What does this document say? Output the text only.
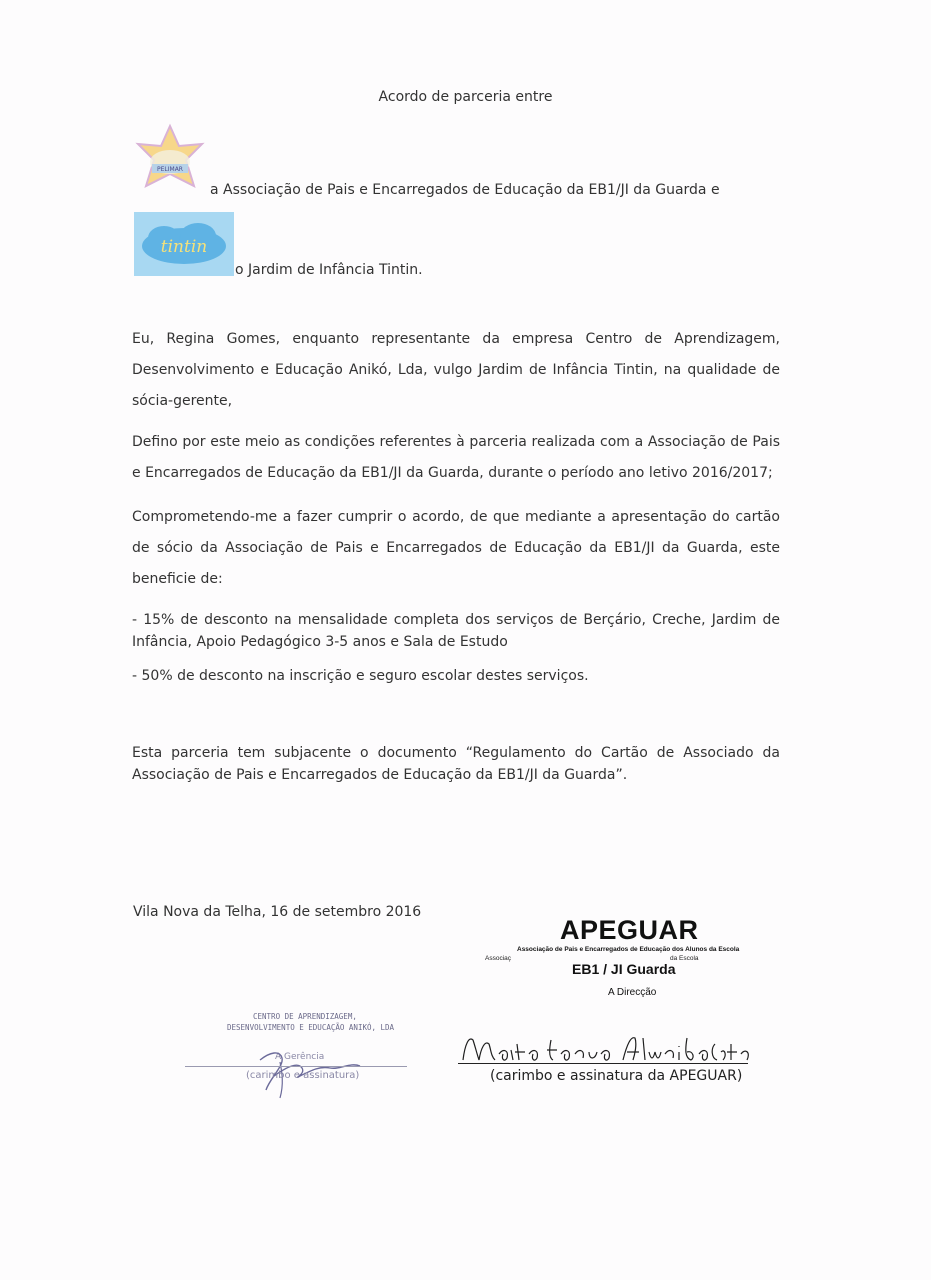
Acordo de parceria entre
PELIMAR
a Associação de Pais e Encarregados de Educação da EB1/JI da Guarda e
tintin
o Jardim de Infância Tintin.

Eu, Regina Gomes, enquanto representante da empresa Centro de Aprendizagem, Desenvolvimento e Educação Anikó, Lda, vulgo Jardim de Infância Tintin, na qualidade de sócia-gerente,

Defino por este meio as condições referentes à parceria realizada com a Associação de Pais e Encarregados de Educação da EB1/JI da Guarda, durante o período ano letivo 2016/2017;

Comprometendo-me a fazer cumprir o acordo, de que mediante a apresentação do cartão de sócio da Associação de Pais e Encarregados de Educação da EB1/JI da Guarda, este beneficie de:

- 15% de desconto na mensalidade completa dos serviços de Berçário, Creche, Jardim de Infância, Apoio Pedagógico 3-5 anos e Sala de Estudo

- 50% de desconto na inscrição e seguro escolar destes serviços.

Esta parceria tem subjacente o documento “Regulamento do Cartão de Associado da Associação de Pais e Encarregados de Educação da EB1/JI da Guarda”.

Vila Nova da Telha, 16 de setembro 2016
APEGUAR
Associação de Pais e Encarregados de Educação dos Alunos da Escola
Associaç	da Escola
EB1 / JI Guarda
A Direcção
CENTRO DE APRENDIZAGEM,
DESENVOLVIMENTO E EDUCAÇÃO ANIKÓ, LDA
A Gerência
(carimbo e assinatura)	(carimbo e assinatura da APEGUAR)
